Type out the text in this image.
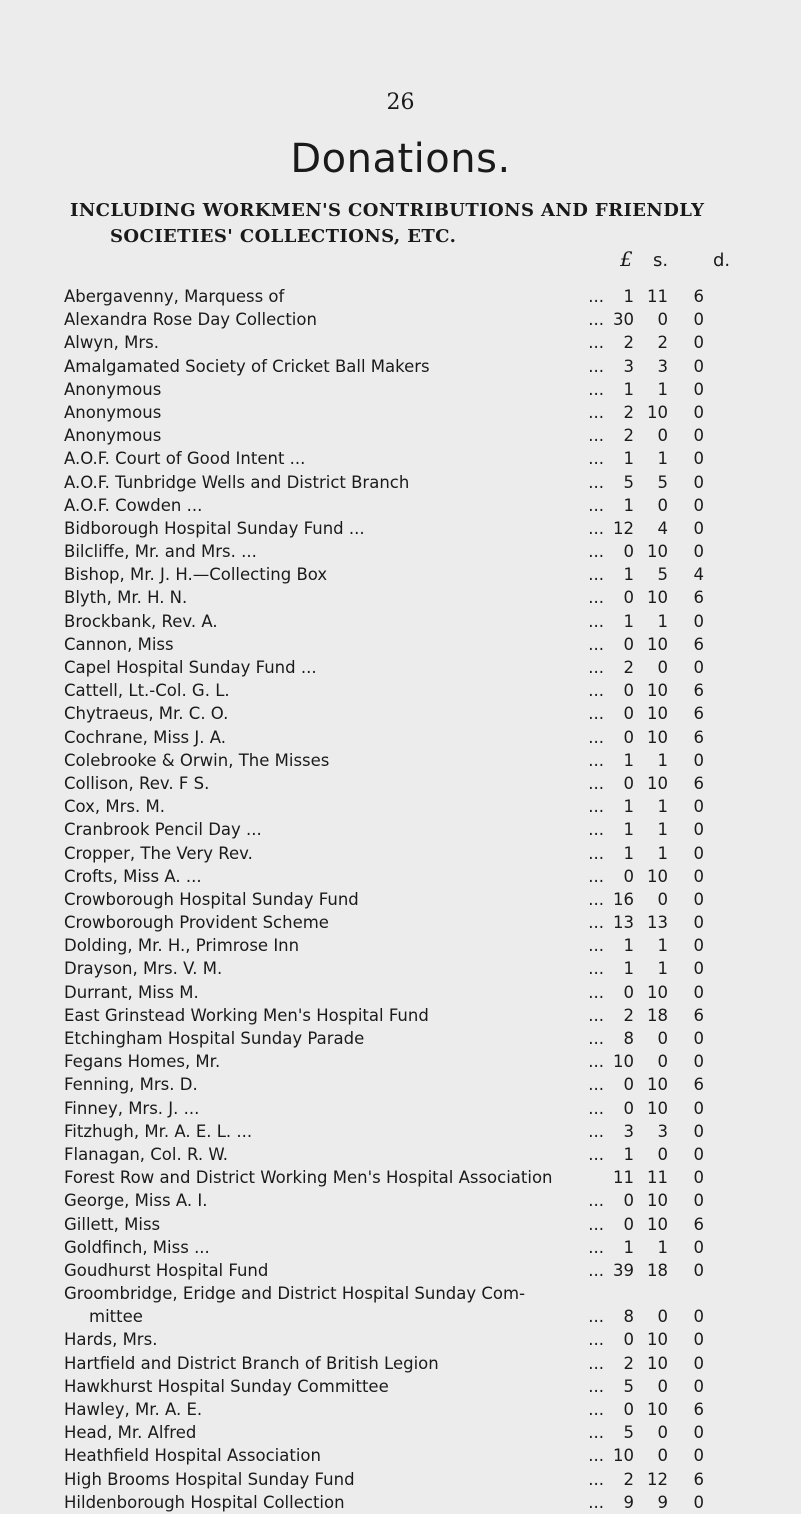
26
Donations.
INCLUDING WORKMEN'S CONTRIBUTIONS AND FRIENDLY
SOCIETIES' COLLECTIONS, ETC.
£ s. d.
Abergavenny, Marquess of	...	1 11	6
Alexandra Rose Day Collection	... 30	0	0
Alwyn, Mrs.	...	2	2	0
Amalgamated Society of Cricket Ball Makers	...	3	3	0
Anonymous	...	1	1	0
Anonymous	...	2 10	0
Anonymous	...	2	0	0
A.O.F. Court of Good Intent ...	...	1	1	0
A.O.F. Tunbridge Wells and District Branch	...	5	5	0
A.O.F. Cowden ...	...	1	0	0
Bidborough Hospital Sunday Fund ...	... 12	4	0
Bilcliffe, Mr. and Mrs. ...	...	0 10	0
Bishop, Mr. J. H.—Collecting Box	...	1	5	4
Blyth, Mr. H. N.	...	0 10	6
Brockbank, Rev. A.	...	1	1	0
Cannon, Miss	...	0 10	6
Capel Hospital Sunday Fund ...	...	2	0	0
Cattell, Lt.-Col. G. L.	...	0 10	6
Chytraeus, Mr. C. O.	...	0 10	6
Cochrane, Miss J. A.	...	0 10	6
Colebrooke & Orwin, The Misses	...	1	1	0
Collison, Rev. F S.	...	0 10	6
Cox, Mrs. M.	...	1	1	0
Cranbrook Pencil Day ...	...	1	1	0
Cropper, The Very Rev.	...	1	1	0
Crofts, Miss A. ...	...	0 10	0
Crowborough Hospital Sunday Fund	... 16	0	0
Crowborough Provident Scheme	... 13 13	0
Dolding, Mr. H., Primrose Inn	...	1	1	0
Drayson, Mrs. V. M.	...	1	1	0
Durrant, Miss M.	...	0 10	0
East Grinstead Working Men's Hospital Fund	...	2 18	6
Etchingham Hospital Sunday Parade	...	8	0	0
Fegans Homes, Mr.	... 10	0	0
Fenning, Mrs. D.	...	0 10	6
Finney, Mrs. J. ...	...	0 10	0
Fitzhugh, Mr. A. E. L. ...	...	3	3	0
Flanagan, Col. R. W.	...	1	0	0
Forest Row and District Working Men's Hospital Association	11 11	0
George, Miss A. I.	...	0 10	0
Gillett, Miss	...	0 10	6
Goldfinch, Miss ...	...	1	1	0
Goudhurst Hospital Fund	... 39 18	0
Groombridge, Eridge and District Hospital Sunday Com-
mittee	...	8	0	0
Hards, Mrs.	...	0 10	0
Hartfield and District Branch of British Legion	...	2 10	0
Hawkhurst Hospital Sunday Committee	...	5	0	0
Hawley, Mr. A. E.	...	0 10	6
Head, Mr. Alfred	...	5	0	0
Heathfield Hospital Association	... 10	0	0
High Brooms Hospital Sunday Fund	...	2 12	6
Hildenborough Hospital Collection	...	9	9	0
